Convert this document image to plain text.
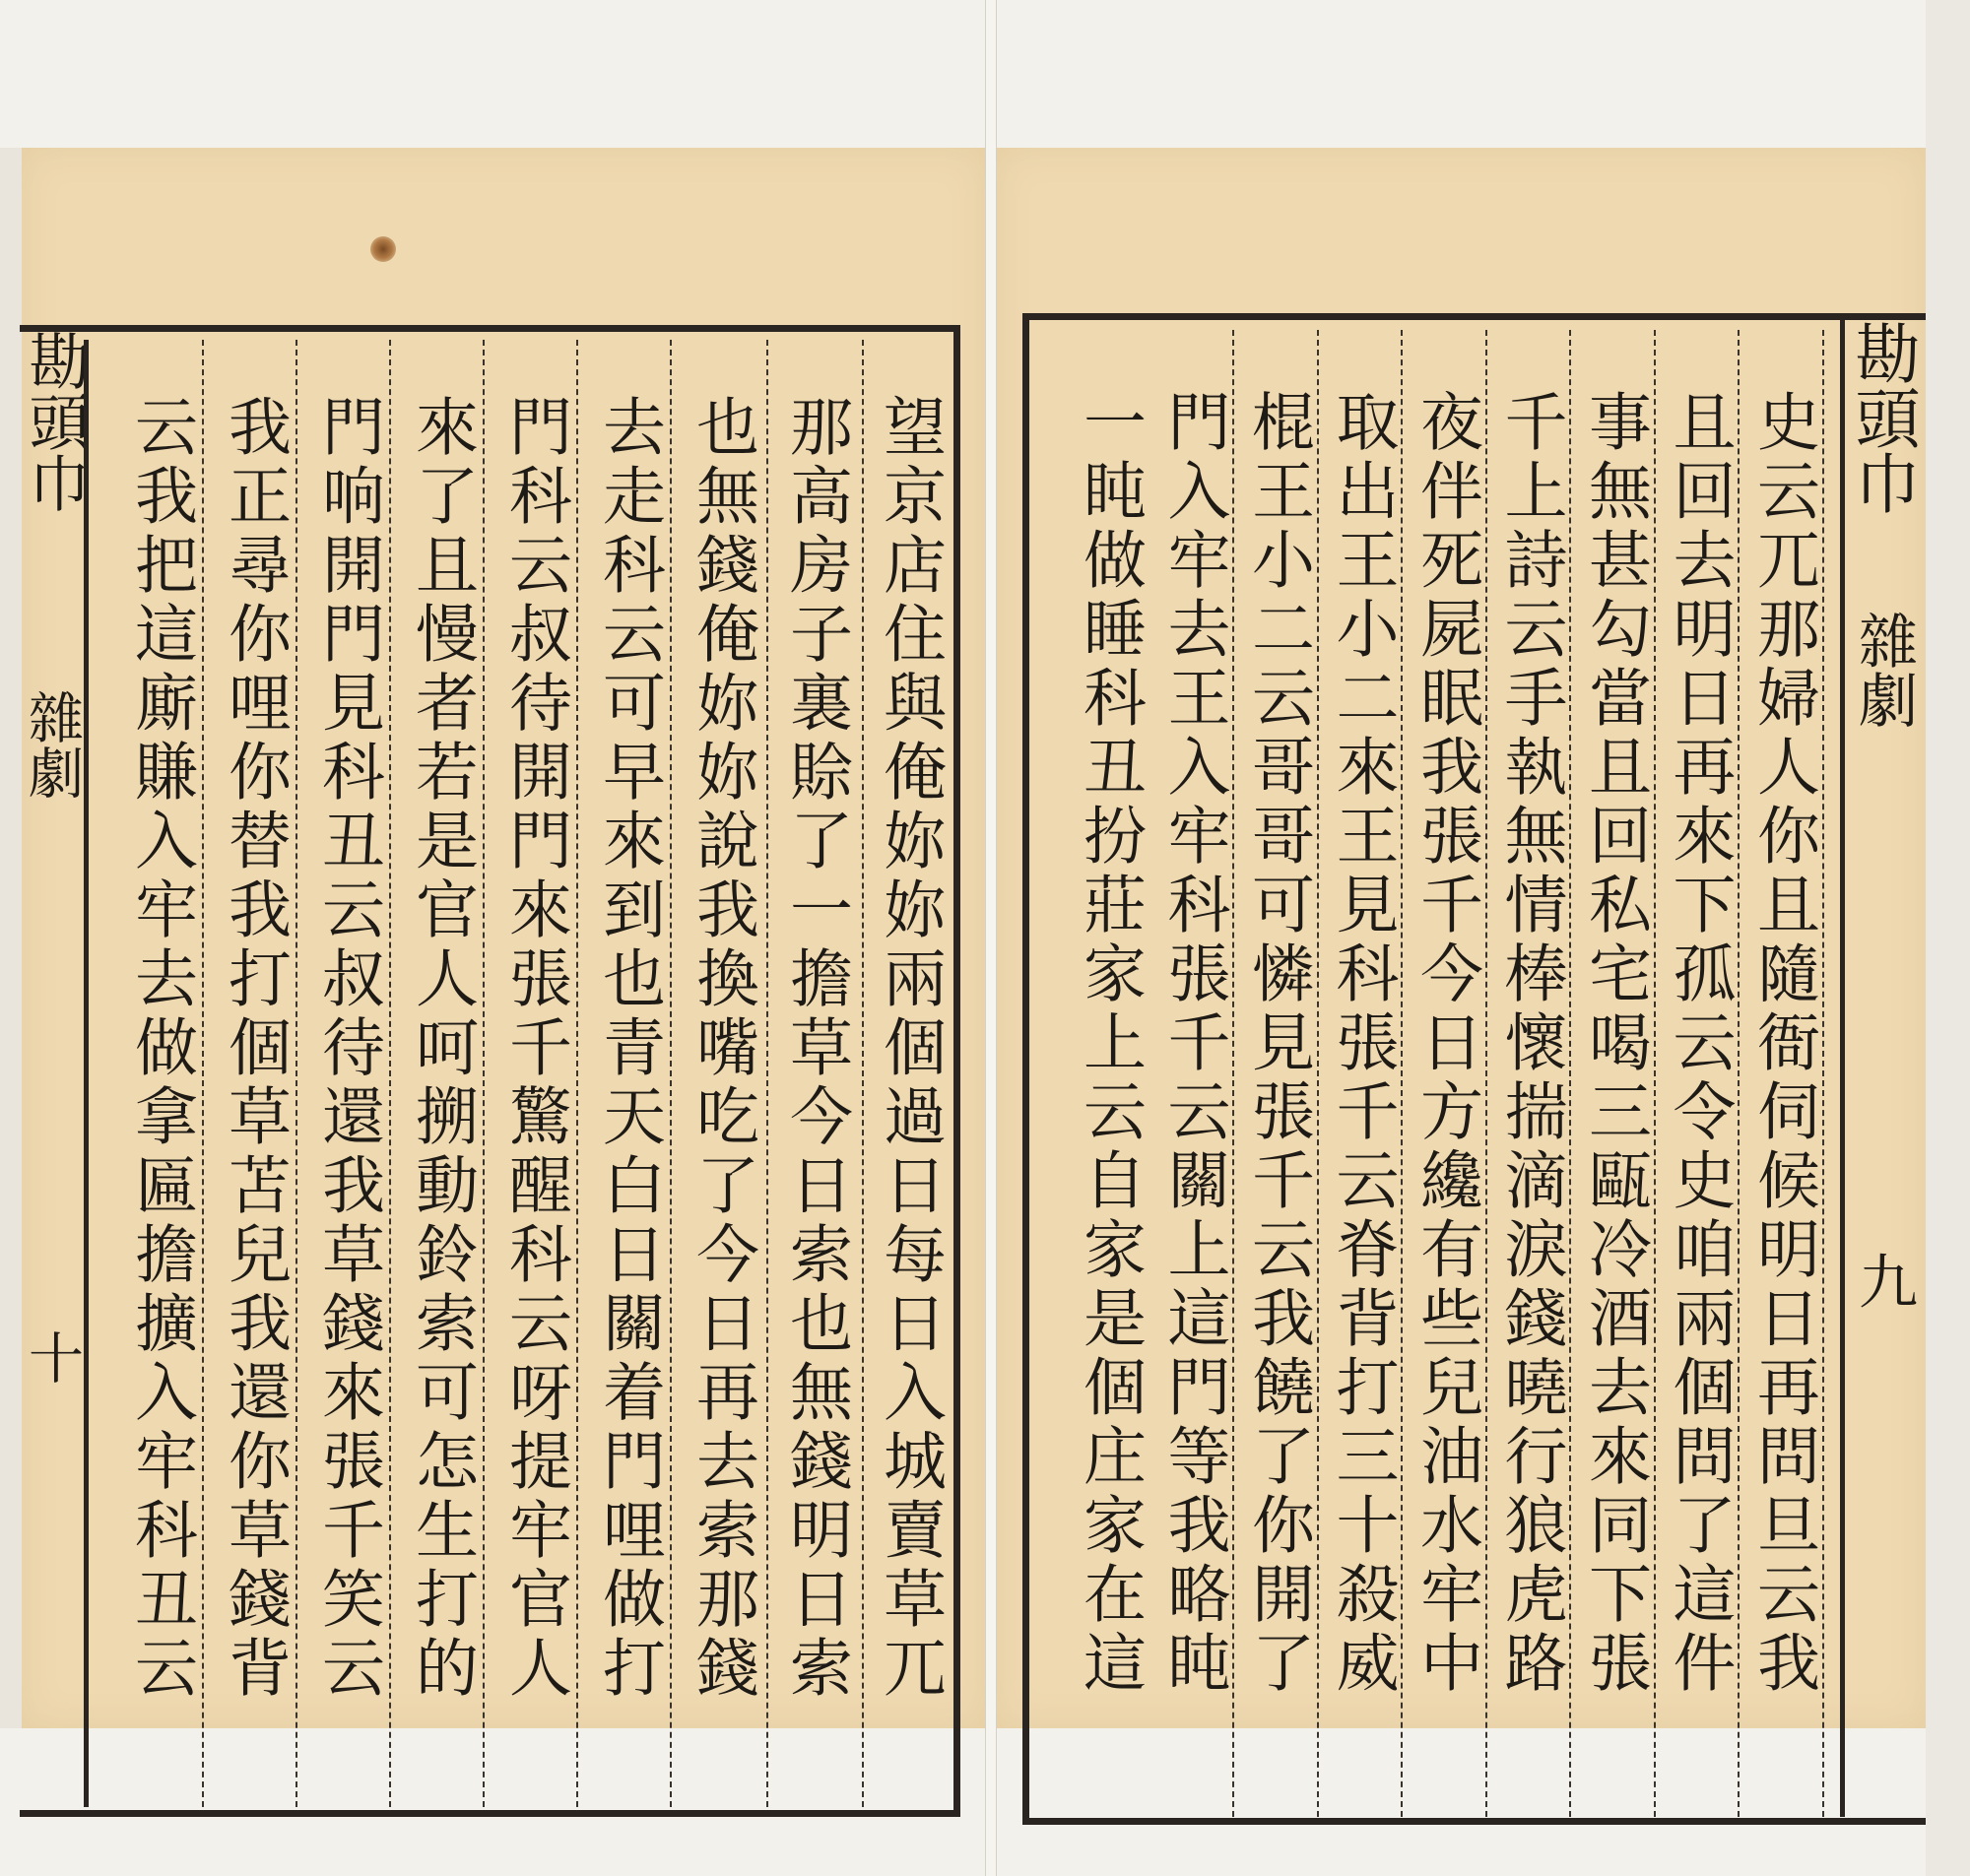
勘頭巾
雜劇
十	望京店住與俺妳妳兩個過日每日入城賣草兀
那高房子裏賒了一擔草今日索也無錢明日索
也無錢俺妳妳說我換嘴吃了今日再去索那錢
去走科云可早來到也青天白日關着門哩做打
門科云叔待開門來張千驚醒科云呀提牢官人
來了且慢者若是官人呵搠動鈴索可怎生打的
門响開門見科丑云叔待還我草錢來張千笑云
我正尋你哩你替我打個草苫兒我還你草錢背
云我把這廝賺入牢去做拿匾擔擴入牢科丑云	勘頭巾
雜劇
九
史云兀那婦人你且隨衙伺候明日再問旦云我
且回去明日再來下孤云令史咱兩個問了這件
事無甚勾當且回私宅喝三甌冷酒去來同下張
千上詩云手執無情棒懷揣滴淚錢曉行狼虎路
夜伴死屍眠我張千今日方纔有些兒油水牢中
取出王小二來王見科張千云脊背打三十殺威
棍王小二云哥哥可憐見張千云我饒了你開了
門入牢去王入牢科張千云關上這門等我略盹
一盹做睡科丑扮莊家上云自家是個庄家在這
